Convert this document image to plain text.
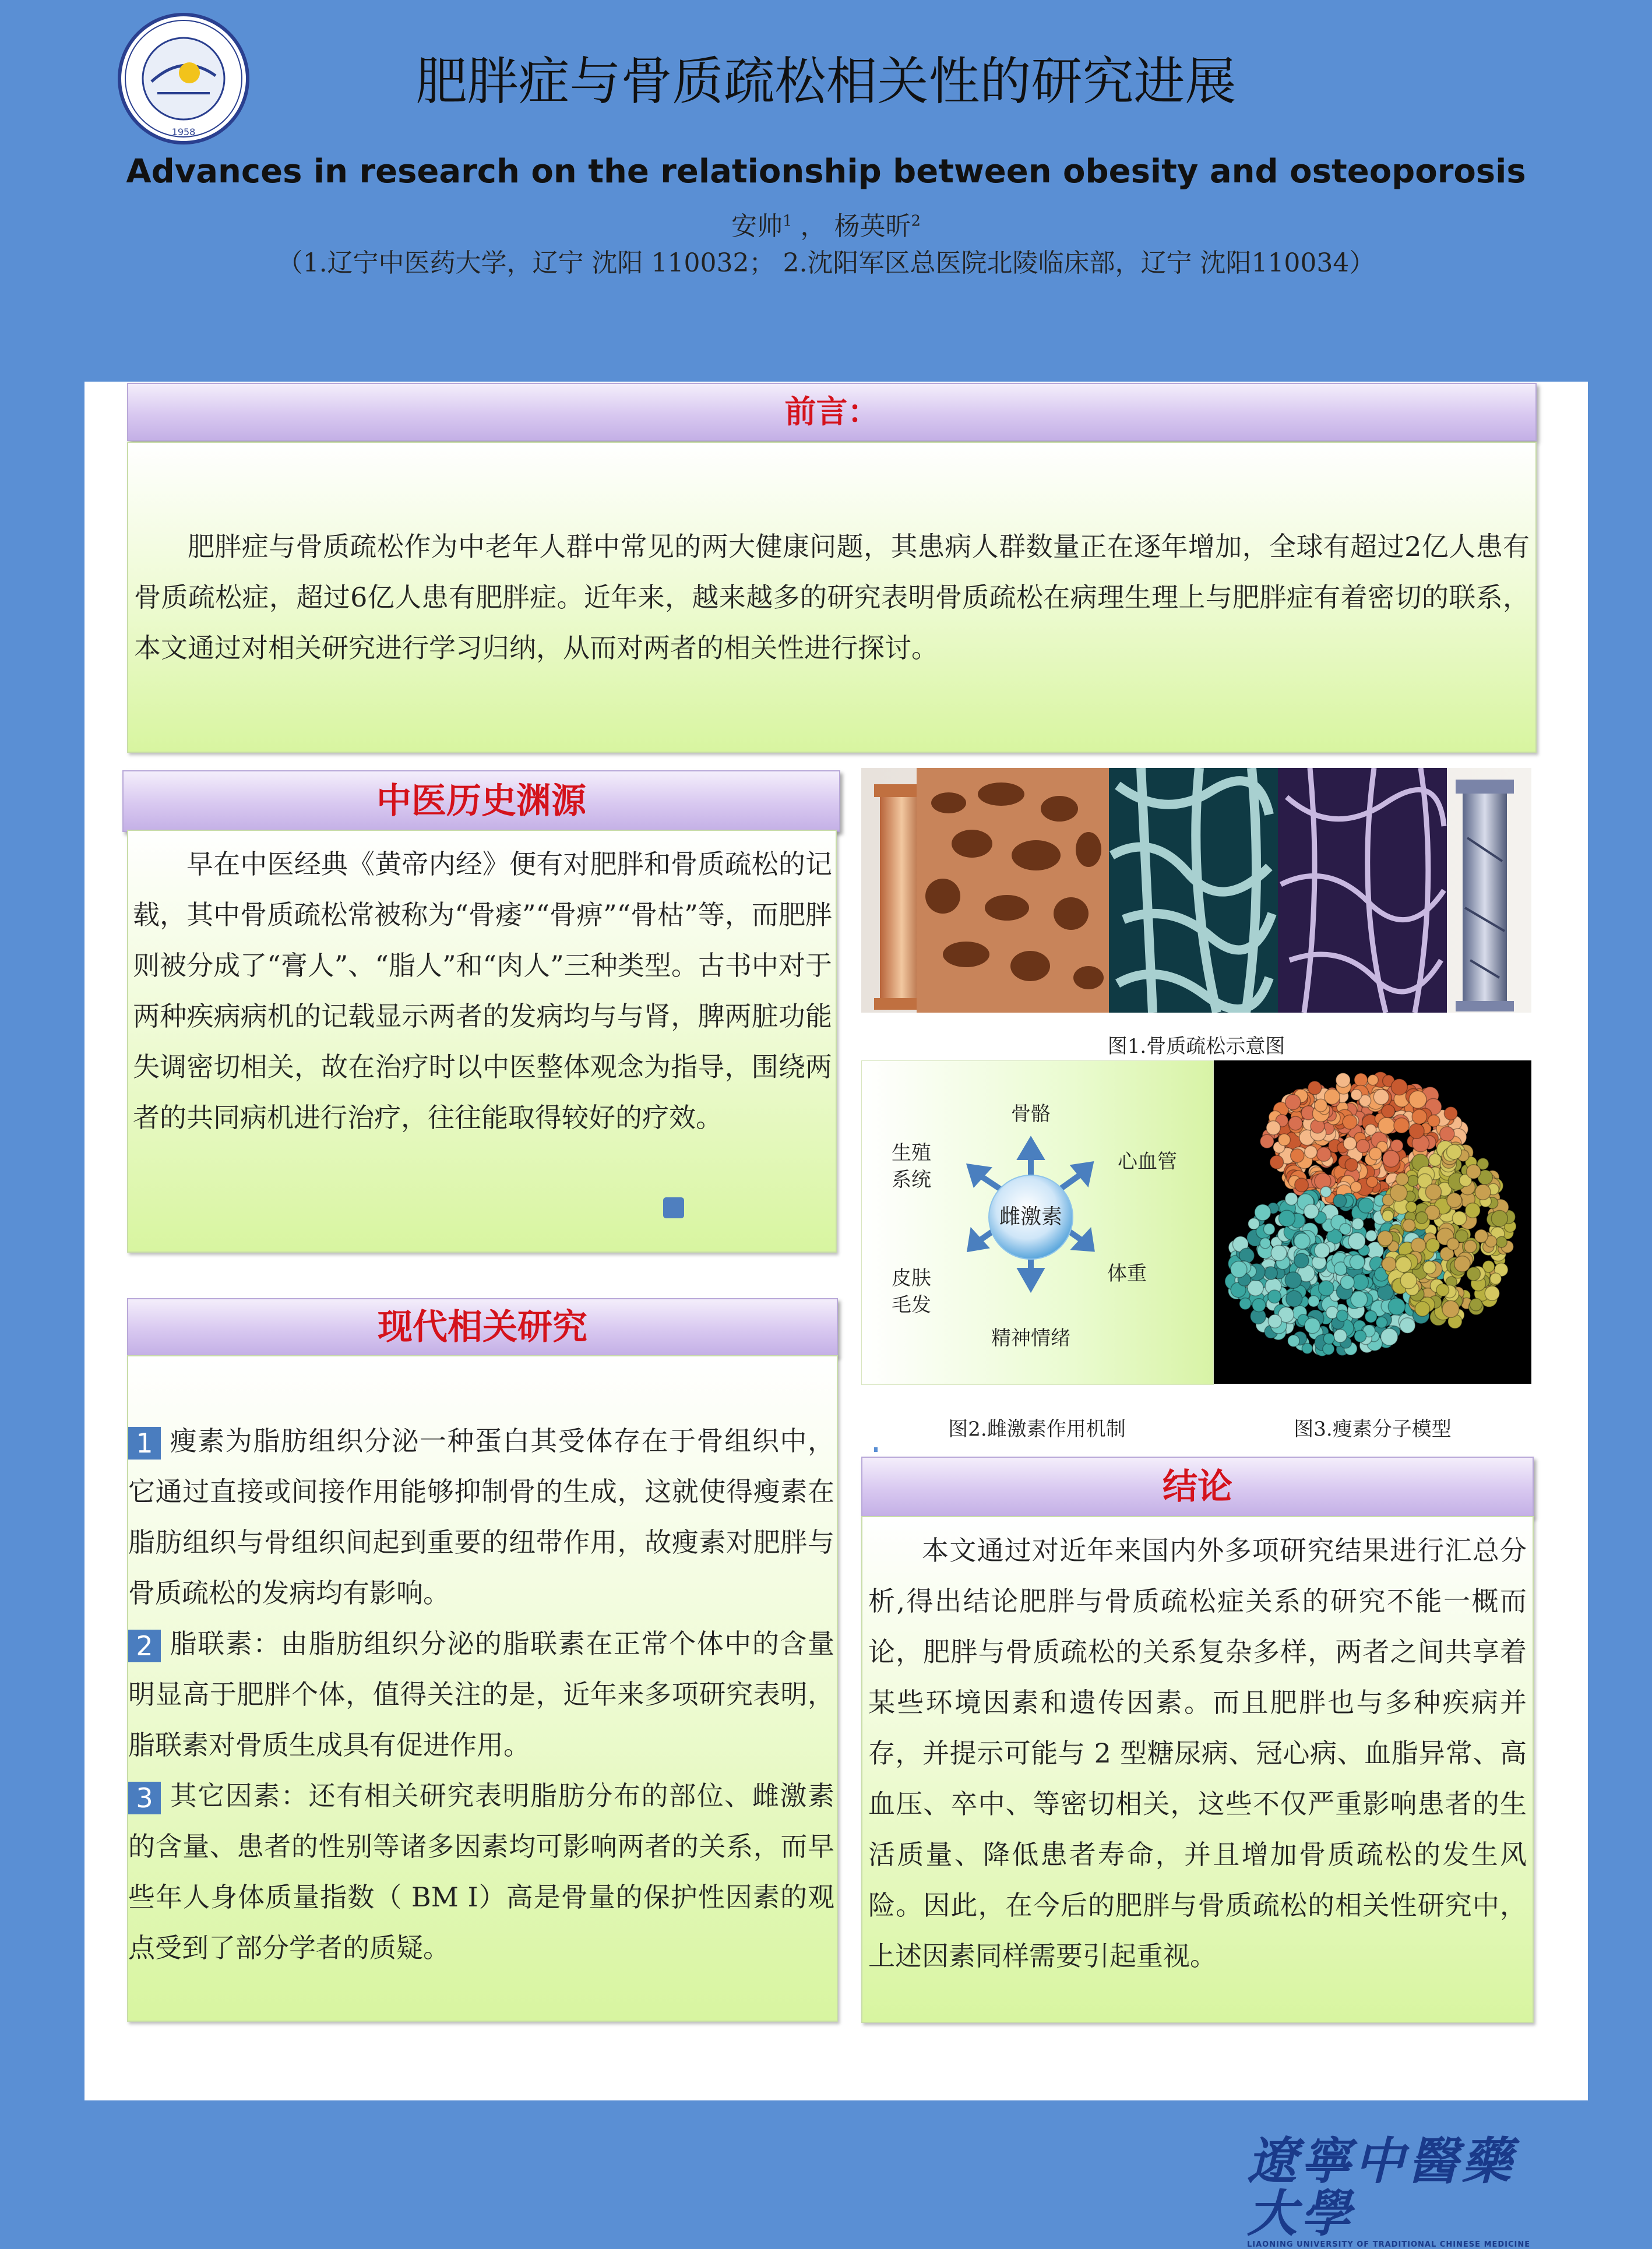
1958
肥胖症与骨质疏松相关性的研究进展
Advances in research on the relationship between obesity and osteoporosis
安帅$^1$ ， 杨英昕$^2$
（1.辽宁中医药大学，辽宁 沈阳 110032； 2.沈阳军区总医院北陵临床部，辽宁 沈阳110034）
前言：
肥胖症与骨质疏松作为中老年人群中常见的两大健康问题，其患病人群数量正在逐年增加，全球有超过2亿人患有骨质疏松症，超过6亿人患有肥胖症。近年来，越来越多的研究表明骨质疏松在病理生理上与肥胖症有着密切的联系，本文通过对相关研究进行学习归纳，从而对两者的相关性进行探讨。
中医历史渊源
早在中医经典《黄帝内经》便有对肥胖和骨质疏松的记载，其中骨质疏松常被称为“骨痿”“骨痹”“骨枯”等，而肥胖则被分成了“膏人”、“脂人”和“肉人”三种类型。古书中对于两种疾病病机的记载显示两者的发病均与与肾，脾两脏功能失调密切相关，故在治疗时以中医整体观念为指导，围绕两者的共同病机进行治疗，往往能取得较好的疗效。
现代相关研究
1 瘦素为脂肪组织分泌一种蛋白其受体存在于骨组织中，它通过直接或间接作用能够抑制骨的生成，这就使得瘦素在脂肪组织与骨组织间起到重要的纽带作用，故瘦素对肥胖与骨质疏松的发病均有影响。
2 脂联素：由脂肪组织分泌的脂联素在正常个体中的含量明显高于肥胖个体，值得关注的是，近年来多项研究表明，脂联素对骨质生成具有促进作用。
3 其它因素：还有相关研究表明脂肪分布的部位、雌激素的含量、患者的性别等诸多因素均可影响两者的关系，而早些年人身体质量指数（ BM I）高是骨量的保护性因素的观点受到了部分学者的质疑。
图1.骨质疏松示意图
雌激素
骨骼
心血管
体重
精神情绪
皮肤
毛发
生殖
系统
图2.雌激素作用机制	图3.瘦素分子模型
结论
本文通过对近年来国内外多项研究结果进行汇总分析,得出结论肥胖与骨质疏松症关系的研究不能一概而论，肥胖与骨质疏松的关系复杂多样，两者之间共享着某些环境因素和遗传因素。而且肥胖也与多种疾病并存，并提示可能与 2 型糖尿病、冠心病、血脂异常、高血压、卒中、等密切相关，这些不仅严重影响患者的生活质量、降低患者寿命，并且增加骨质疏松的发生风险。因此，在今后的肥胖与骨质疏松的相关性研究中，上述因素同样需要引起重视。
遼寧中醫藥大學
LIAONING UNIVERSITY OF TRADITIONAL CHINESE MEDICINE
